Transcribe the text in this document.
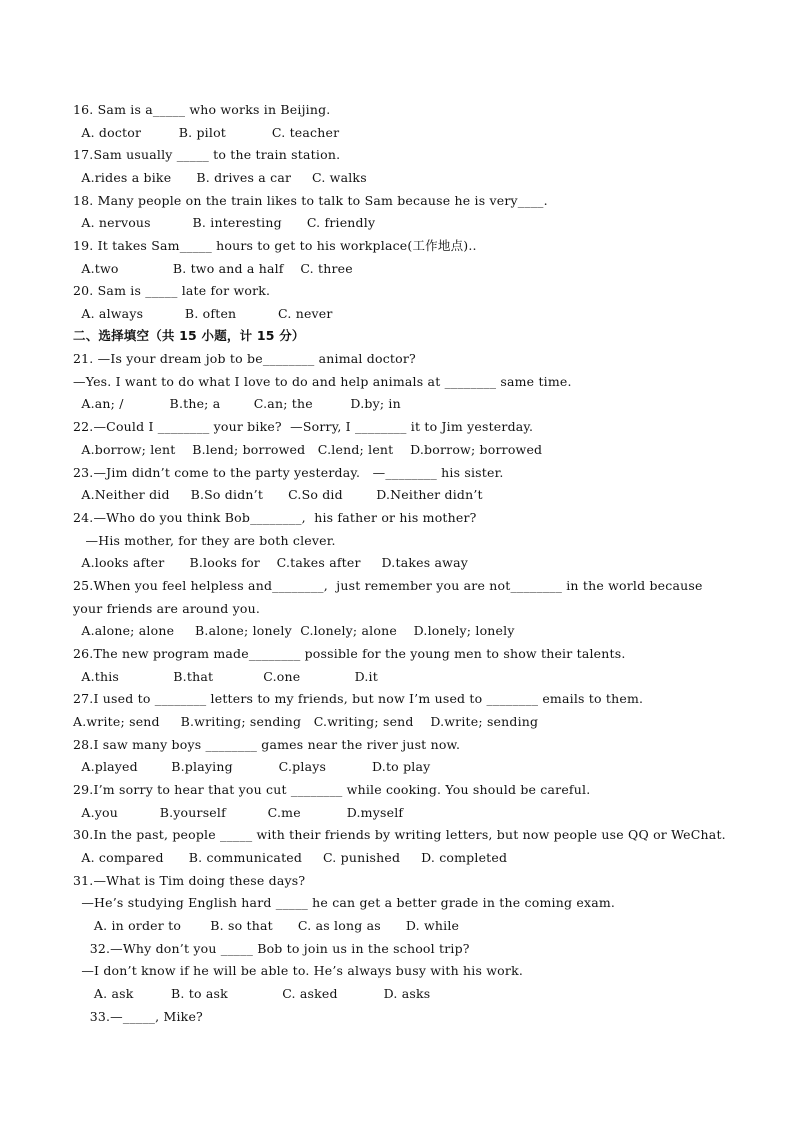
16. Sam is a_____ who works in Beijing.
A. doctor         B. pilot           C. teacher
17.Sam usually _____ to the train station.
A.rides a bike      B. drives a car     C. walks
18. Many people on the train likes to talk to Sam because he is very____.
A. nervous          B. interesting      C. friendly
19. It takes Sam_____ hours to get to his workplace(工作地点)..
A.two             B. two and a half    C. three
20. Sam is _____ late for work.
A. always          B. often          C. never
二、选择填空（共 15 小题，计 15 分）
21. —Is your dream job to be________ animal doctor?
—Yes. I want to do what I love to do and help animals at ________ same time.
A.an; /           B.the; a        C.an; the         D.by; in
22.—Could I ________ your bike?  —Sorry, I ________ it to Jim yesterday.
A.borrow; lent    B.lend; borrowed   C.lend; lent    D.borrow; borrowed
23.—Jim didn’t come to the party yesterday.   —________ his sister.
A.Neither did     B.So didn’t      C.So did        D.Neither didn’t
24.—Who do you think Bob________,  his father or his mother?
—His mother, for they are both clever.
A.looks after      B.looks for    C.takes after     D.takes away
25.When you feel helpless and________,  just remember you are not________ in the world because
your friends are around you.
A.alone; alone     B.alone; lonely  C.lonely; alone    D.lonely; lonely
26.The new program made________ possible for the young men to show their talents.
A.this             B.that            C.one             D.it
27.I used to ________ letters to my friends, but now I’m used to ________ emails to them.
A.write; send     B.writing; sending   C.writing; send    D.write; sending
28.I saw many boys ________ games near the river just now.
A.played        B.playing           C.plays           D.to play
29.I’m sorry to hear that you cut ________ while cooking. You should be careful.
A.you          B.yourself          C.me           D.myself
30.In the past, people _____ with their friends by writing letters, but now people use QQ or WeChat.
A. compared      B. communicated     C. punished     D. completed
31.—What is Tim doing these days?
—He’s studying English hard _____ he can get a better grade in the coming exam.
A. in order to       B. so that      C. as long as      D. while
32.—Why don’t you _____ Bob to join us in the school trip?
—I don’t know if he will be able to. He’s always busy with his work.
A. ask         B. to ask             C. asked           D. asks
33.—_____, Mike?
